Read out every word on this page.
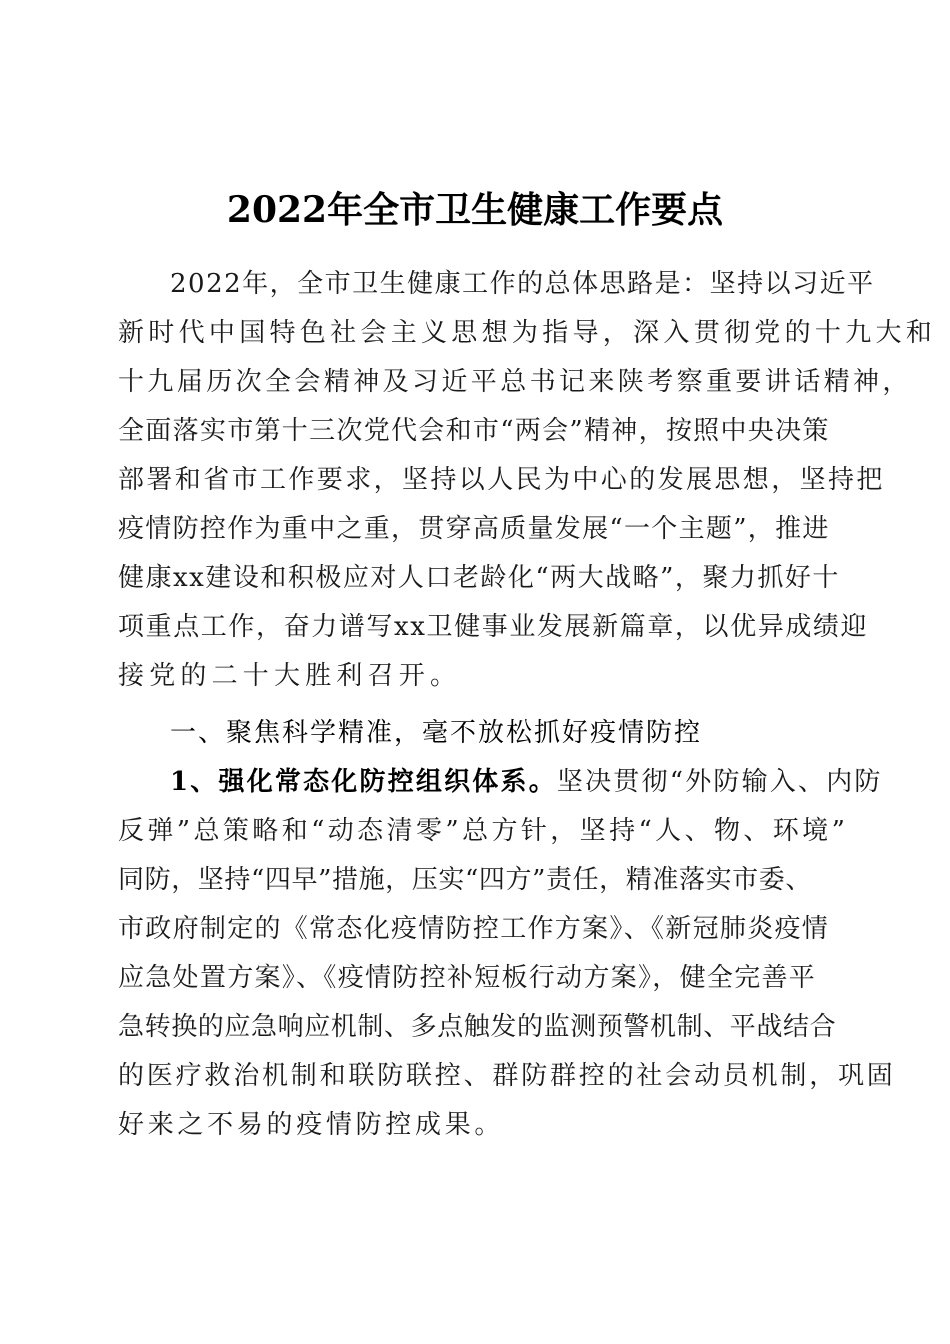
2022年全市卫生健康工作要点
2022年，全市卫生健康工作的总体思路是：坚持以习近平
新时代中国特色社会主义思想为指导，深入贯彻党的十九大和
十九届历次全会精神及习近平总书记来陕考察重要讲话精神，
全面落实市第十三次党代会和市“两会”精神，按照中央决策
部署和省市工作要求，坚持以人民为中心的发展思想，坚持把
疫情防控作为重中之重，贯穿高质量发展“一个主题”，推进
健康xx建设和积极应对人口老龄化“两大战略”，聚力抓好十
项重点工作，奋力谱写xx卫健事业发展新篇章，以优异成绩迎
接党的二十大胜利召开。
一、聚焦科学精准，毫不放松抓好疫情防控
1、强化常态化防控组织体系。坚决贯彻“外防输入、内防
反弹”总策略和“动态清零”总方针，坚持“人、物、环境”
同防，坚持“四早”措施，压实“四方”责任，精准落实市委、
市政府制定的《常态化疫情防控工作方案》、《新冠肺炎疫情
应急处置方案》、《疫情防控补短板行动方案》，健全完善平
急转换的应急响应机制、多点触发的监测预警机制、平战结合
的医疗救治机制和联防联控、群防群控的社会动员机制，巩固
好来之不易的疫情防控成果。
